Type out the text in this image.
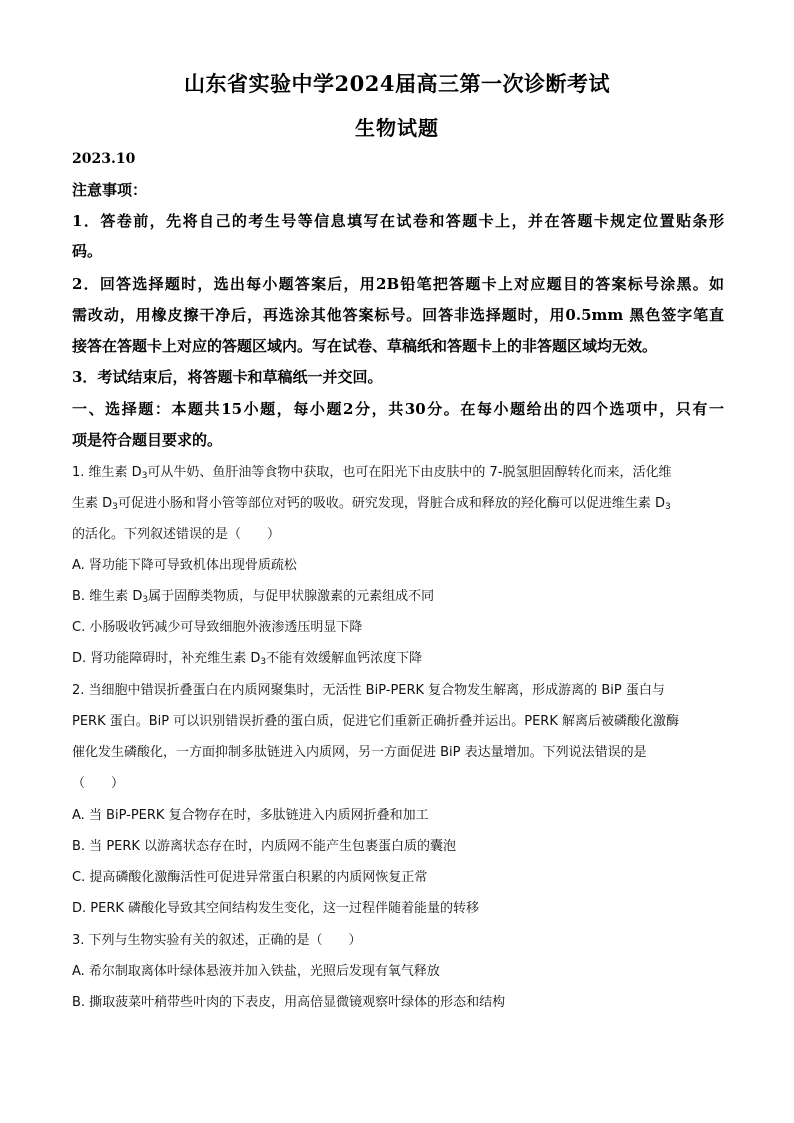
山东省实验中学2024届高三第一次诊断考试
生物试题
2023.10
注意事项：
1．答卷前，先将自己的考生号等信息填写在试卷和答题卡上，并在答题卡规定位置贴条形
码。
2．回答选择题时，选出每小题答案后，用2B铅笔把答题卡上对应题目的答案标号涂黑。如
需改动，用橡皮擦干净后，再选涂其他答案标号。回答非选择题时，用0.5mm 黑色签字笔直
接答在答题卡上对应的答题区域内。写在试卷、草稿纸和答题卡上的非答题区域均无效。
3．考试结束后，将答题卡和草稿纸一并交回。
一、选择题：本题共15小题，每小题2分，共30分。在每小题给出的四个选项中，只有一
项是符合题目要求的。
1. 维生素 $D_3$可从牛奶、鱼肝油等食物中获取，也可在阳光下由皮肤中的 7-脱氢胆固醇转化而来，活化维
生素 $D_3$可促进小肠和肾小管等部位对钙的吸收。研究发现，肾脏合成和释放的羟化酶可以促进维生素 $D_3$
的活化。下列叙述错误的是（　　）
A. 肾功能下降可导致机体出现骨质疏松
B. 维生素 $D_3$属于固醇类物质，与促甲状腺激素的元素组成不同
C. 小肠吸收钙减少可导致细胞外液渗透压明显下降
D. 肾功能障碍时，补充维生素 $D_3$不能有效缓解血钙浓度下降
2. 当细胞中错误折叠蛋白在内质网聚集时，无活性 BiP-PERK 复合物发生解离，形成游离的 BiP 蛋白与
PERK 蛋白。BiP 可以识别错误折叠的蛋白质，促进它们重新正确折叠并运出。PERK 解离后被磷酸化激酶
催化发生磷酸化，一方面抑制多肽链进入内质网，另一方面促进 BiP 表达量增加。下列说法错误的是
（　　）
A. 当 BiP-PERK 复合物存在时，多肽链进入内质网折叠和加工
B. 当 PERK 以游离状态存在时，内质网不能产生包裹蛋白质的囊泡
C. 提高磷酸化激酶活性可促进异常蛋白积累的内质网恢复正常
D. PERK 磷酸化导致其空间结构发生变化，这一过程伴随着能量的转移
3. 下列与生物实验有关的叙述，正确的是（　　）
A. 希尔制取离体叶绿体悬液并加入铁盐，光照后发现有氧气释放
B. 撕取菠菜叶稍带些叶肉的下表皮，用高倍显微镜观察叶绿体的形态和结构
